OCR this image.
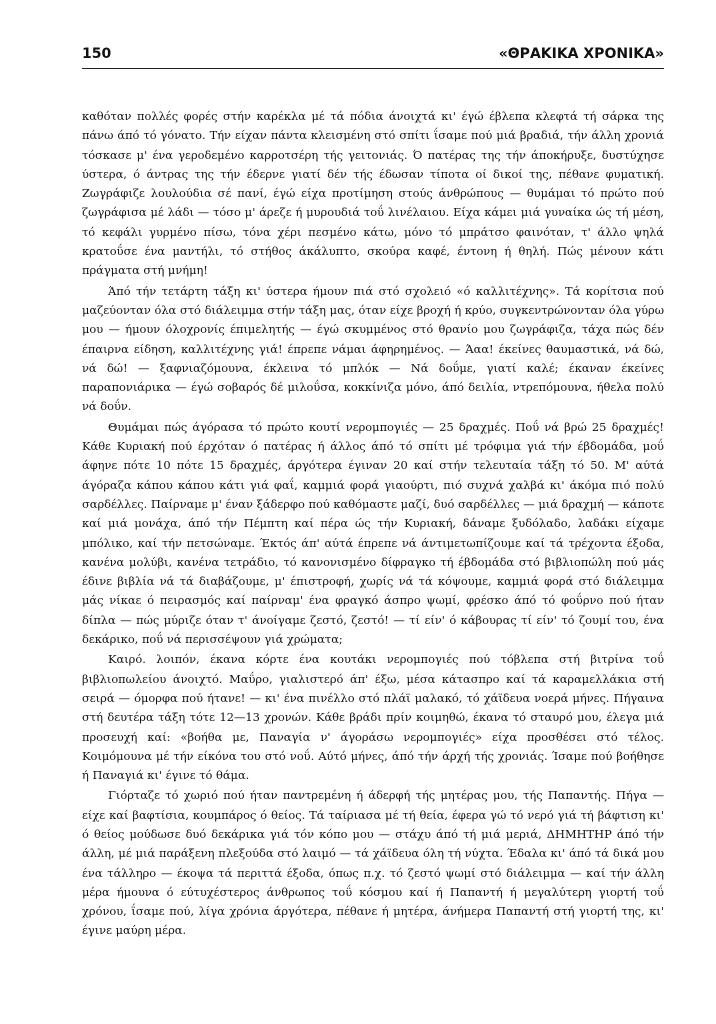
150	«ΘΡΑΚΙΚΑ ΧΡΟΝΙΚΑ»

καθόταν πολλές φορές στήν καρέκλα μέ τά πόδια άνοιχτά κι' έγώ έβλεπα κλεφτά τή σάρκα της πάνω άπό τό γόνατο. Τήν είχαν πάντα κλεισμένη στό σπίτι ΐσαμε πού μιά βραδιά, τήν άλλη χρονιά τόσκασε μ' ένα γεροδεμένο καρροτσέρη τής γειτονιάς. Ό πατέρας της τήν άποκήρυξε, δυστύχησε ύστερα, ό άντρας της τήν έδερνε γιατί δέν τής έδωσαν τίποτα οί δικοί της, πέθανε φυματική. Ζωγράφιζε λουλούδια σέ πανί, έγώ είχα προτίμηση στούς άνθρώπους — θυμάμαι τό πρώτο πού ζωγράφισα μέ λάδι — τόσο μ' άρεζε ή μυρουδιά τοΰ λινέλαιου. Είχα κάμει μιά γυναίκα ώς τή μέση, τό κεφάλι γυρμένο πίσω, τόνα χέρι πεσμένο κάτω, μόνο τό μπράτσο φαινόταν, τ' άλλο ψηλά κρατοΰσε ένα μαντήλι, τό στήθος άκάλυπτο, σκούρα καφέ, έντονη ή θηλή. Πώς μένουν κάτι πράγματα στή μνήμη!

Άπό τήν τετάρτη τάξη κι' ύστερα ήμουν πιά στό σχολειό «ό καλλιτέχνης». Τά κορίτσια πού μαζεύονταν όλα στό διάλειμμα στήν τάξη μας, όταν είχε βροχή ή κρύο, συγκεντρώνονταν όλα γύρω μου — ήμουν όλοχρονίς έπιμελητής — έγώ σκυμμένος στό θρανίο μου ζωγράφιζα, τάχα πώς δέν έπαιρνα είδηση, καλλιτέχνης γιά! έπρεπε νάμαι άφηρημένος. — Άαα! έκείνες θαυμαστικά, νά δώ, νά δώ! — ξαφνιαζόμουνα, έκλεινα τό μπλόκ — Νά δοΰμε, γιατί καλέ; έκαναν έκείνες παραπονιάρικα — έγώ σοβαρός δέ μιλοΰσα, κοκκίνιζα μόνο, άπό δειλία, ντρεπόμουνα, ήθελα πολύ νά δοΰν.

Θυμάμαι πώς άγόρασα τό πρώτο κουτί νερομπογιές — 25 δραχμές. Ποΰ νά βρώ 25 δραχμές! Κάθε Κυριακή πού έρχόταν ό πατέρας ή άλλος άπό τό σπίτι μέ τρόφιμα γιά τήν έβδομάδα, μοΰ άφηνε πότε 10 πότε 15 δραχμές, άργότερα έγιναν 20 καί στήν τελευταία τάξη τό 50. Μ' αύτά άγόραζα κάπου κάπου κάτι γιά φαΐ, καμμιά φορά γιαούρτι, πιό συχνά χαλβά κι' άκόμα πιό πολύ σαρδέλλες. Παίρναμε μ' έναν ξάδερφο πού καθόμαστε μαζί, δυό σαρδέλλες — μιά δραχμή — κάποτε καί μιά μονάχα, άπό τήν Πέμπτη καί πέρα ώς τήν Κυριακή, δάναμε ξυδόλαδο, λαδάκι είχαμε μπόλικο, καί τήν πετσώναμε. Έκτός άπ' αύτά έπρεπε νά άντιμετωπίζουμε καί τά τρέχοντα έξοδα, κανένα μολύβι, κανένα τετράδιο, τό κανονισμένο δίφραγκο τή έβδομάδα στό βιβλιοπώλη πού μάς έδινε βιβλία νά τά διαβάζουμε, μ' έπιστροφή, χωρίς νά τά κόψουμε, καμμιά φορά στό διάλειμμα μάς νίκαε ό πειρασμός καί παίρναμ' ένα φραγκό άσπρο ψωμί, φρέσκο άπό τό φοΰρνο πού ήταν δίπλα — πώς μύριζε όταν τ' άνοίγαμε ζεστό, ζεστό! — τί είν' ό κάβουρας τί είν' τό ζουμί του, ένα δεκάρικο, ποΰ νά περισσέψουν γιά χρώματα;

Καιρό. λοιπόν, έκανα κόρτε ένα κουτάκι νερομπογιές πού τόβλεπα στή βιτρίνα τοΰ βιβλιοπωλείου άνοιχτό. Μαΰρο, γιαλιστερό άπ' έξω, μέσα κάτασπρο καί τά καραμελλάκια στή σειρά — όμορφα πού ήτανε! — κι' ένα πινέλλο στό πλάϊ μαλακό, τό χάϊδευα νοερά μήνες. Πήγαινα στή δευτέρα τάξη τότε 12—13 χρονών. Κάθε βράδι πρίν κοιμηθώ, έκανα τό σταυρό μου, έλεγα μιά προσευχή καί: «βοήθα με, Παναγία ν' άγοράσω νερομπογιές» είχα προσθέσει στό τέλος. Κοιμόμουνα μέ τήν είκόνα του στό νοΰ. Αύτό μήνες, άπό τήν άρχή τής χρονιάς. Ίσαμε πού βοήθησε ή Παναγιά κι' έγινε τό θάμα.

Γιόρταζε τό χωριό πού ήταν παντρεμένη ή άδερφή τής μητέρας μου, τής Παπαντής. Πήγα — είχε καί βαφτίσια, κουμπάρος ό θείος. Τά ταίριασα μέ τή θεία, έφερα γώ τό νερό γιά τή βάφτιση κι' ό θείος μούδωσε δυό δεκάρικα γιά τόν κόπο μου — στάχυ άπό τή μιά μεριά, ΔΗΜΗΤΗΡ άπό τήν άλλη, μέ μιά παράξενη πλεξούδα στό λαιμό — τά χάϊδευα όλη τή νύχτα. Έδαλα κι' άπό τά δικά μου ένα τάλληρο — έκοψα τά περιττά έξοδα, όπως π.χ. τό ζεστό ψωμί στό διάλειμμα — καί τήν άλλη μέρα ήμουνα ό εύτυχέστερος άνθρωπος τοΰ κόσμου καί ή Παπαντή ή μεγαλύτερη γιορτή τοΰ χρόνου, ΐσαμε πού, λίγα χρόνια άργότερα, πέθανε ή μητέρα, άνήμερα Παπαντή στή γιορτή της, κι' έγινε μαύρη μέρα.
